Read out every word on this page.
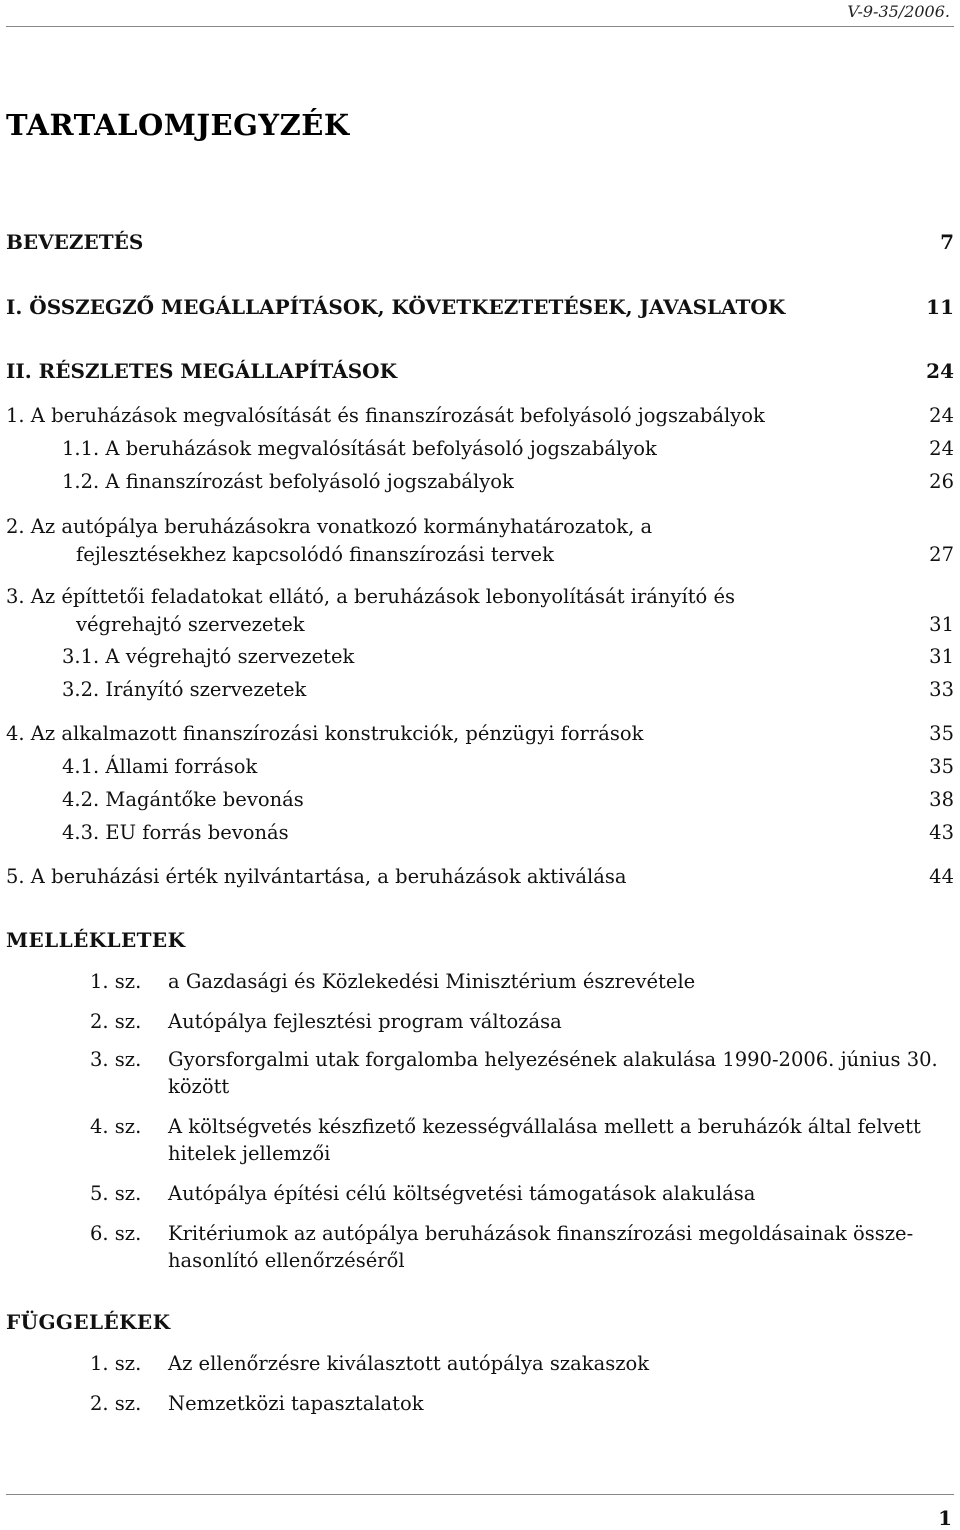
V-9-35/2006.
TARTALOMJEGYZÉK
BEVEZETÉS	7
I. ÖSSZEGZŐ MEGÁLLAPÍTÁSOK, KÖVETKEZTETÉSEK, JAVASLATOK	11
II. RÉSZLETES MEGÁLLAPÍTÁSOK	24
1. A beruházások megvalósítását és finanszírozását befolyásoló jogszabályok	24
1.1. A beruházások megvalósítását befolyásoló jogszabályok	24
1.2. A finanszírozást befolyásoló jogszabályok	26
2. Az autópálya beruházásokra vonatkozó kormányhatározatok, a
fejlesztésekhez kapcsolódó finanszírozási tervek	27
3. Az építtetői feladatokat ellátó, a beruházások lebonyolítását irányító és
végrehajtó szervezetek	31
3.1. A végrehajtó szervezetek	31
3.2. Irányító szervezetek	33
4. Az alkalmazott finanszírozási konstrukciók, pénzügyi források	35
4.1. Állami források	35
4.2. Magántőke bevonás	38
4.3. EU forrás bevonás	43
5. A beruházási érték nyilvántartása, a beruházások aktiválása	44
MELLÉKLETEK
1. sz. a Gazdasági és Közlekedési Minisztérium észrevétele
2. sz. Autópálya fejlesztési program változása
3. sz. Gyorsforgalmi utak forgalomba helyezésének alakulása 1990-2006. június 30. között
4. sz. A költségvetés készfizető kezességvállalása mellett a beruházók által felvett hitelek jellemzői
5. sz. Autópálya építési célú költségvetési támogatások alakulása
6. sz. Kritériumok az autópálya beruházások finanszírozási megoldásainak összehasonlító ellenőrzéséről
FÜGGELÉKEK
1. sz. Az ellenőrzésre kiválasztott autópálya szakaszok
2. sz. Nemzetközi tapasztalatok
1
